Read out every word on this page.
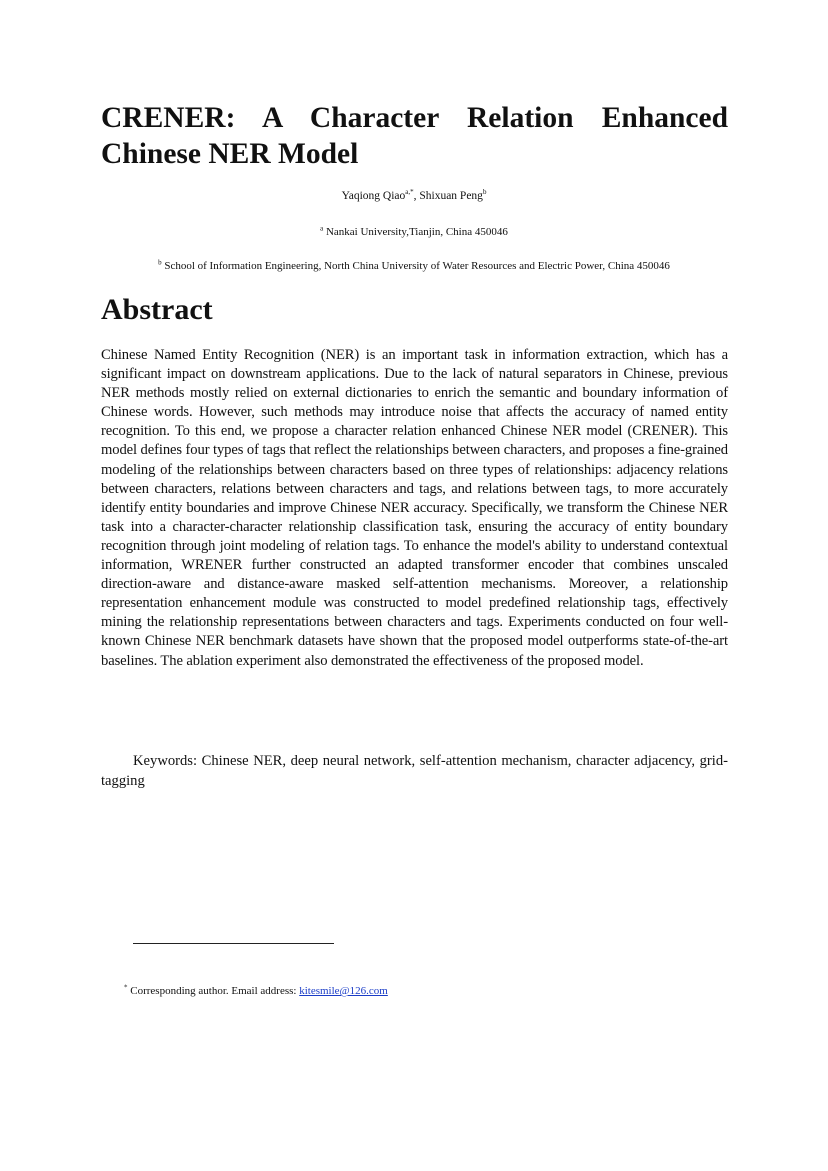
CRENER: A Character Relation Enhanced Chinese NER Model
Yaqiong Qiao$^{a,*}$, Shixuan Peng$^b$
$^a$ Nankai University,Tianjin, China 450046
$^b$ School of Information Engineering, North China University of Water Resources and Electric Power, China 450046
Abstract

Chinese Named Entity Recognition (NER) is an important task in information extraction, which has a significant impact on downstream applications. Due to the lack of natural separators in Chinese, previous NER methods mostly relied on external dictionaries to enrich the semantic and boundary information of Chinese words. However, such methods may introduce noise that affects the accuracy of named entity recognition. To this end, we propose a character relation enhanced Chinese NER model (CRENER). This model defines four types of tags that reflect the relationships between characters, and proposes a fine-grained modeling of the relationships between characters based on three types of relationships: adjacency relations between characters, relations between characters and tags, and relations between tags, to more accurately identify entity boundaries and improve Chinese NER accuracy. Specifically, we transform the Chinese NER task into a character-character relationship classification task, ensuring the accuracy of entity boundary recognition through joint modeling of relation tags. To enhance the model's ability to understand contextual information, WRENER further constructed an adapted transformer encoder that combines unscaled direction-aware and distance-aware masked self-attention mechanisms. Moreover, a relationship representation enhancement module was constructed to model predefined relationship tags, effectively mining the relationship representations between characters and tags. Experiments conducted on four well-known Chinese NER benchmark datasets have shown that the proposed model outperforms state-of-the-art baselines. The ablation experiment also demonstrated the effectiveness of the proposed model.

Keywords: Chinese NER, deep neural network, self-attention mechanism, character adjacency, grid-tagging

* Corresponding author. Email address: kitesmile@126.com
